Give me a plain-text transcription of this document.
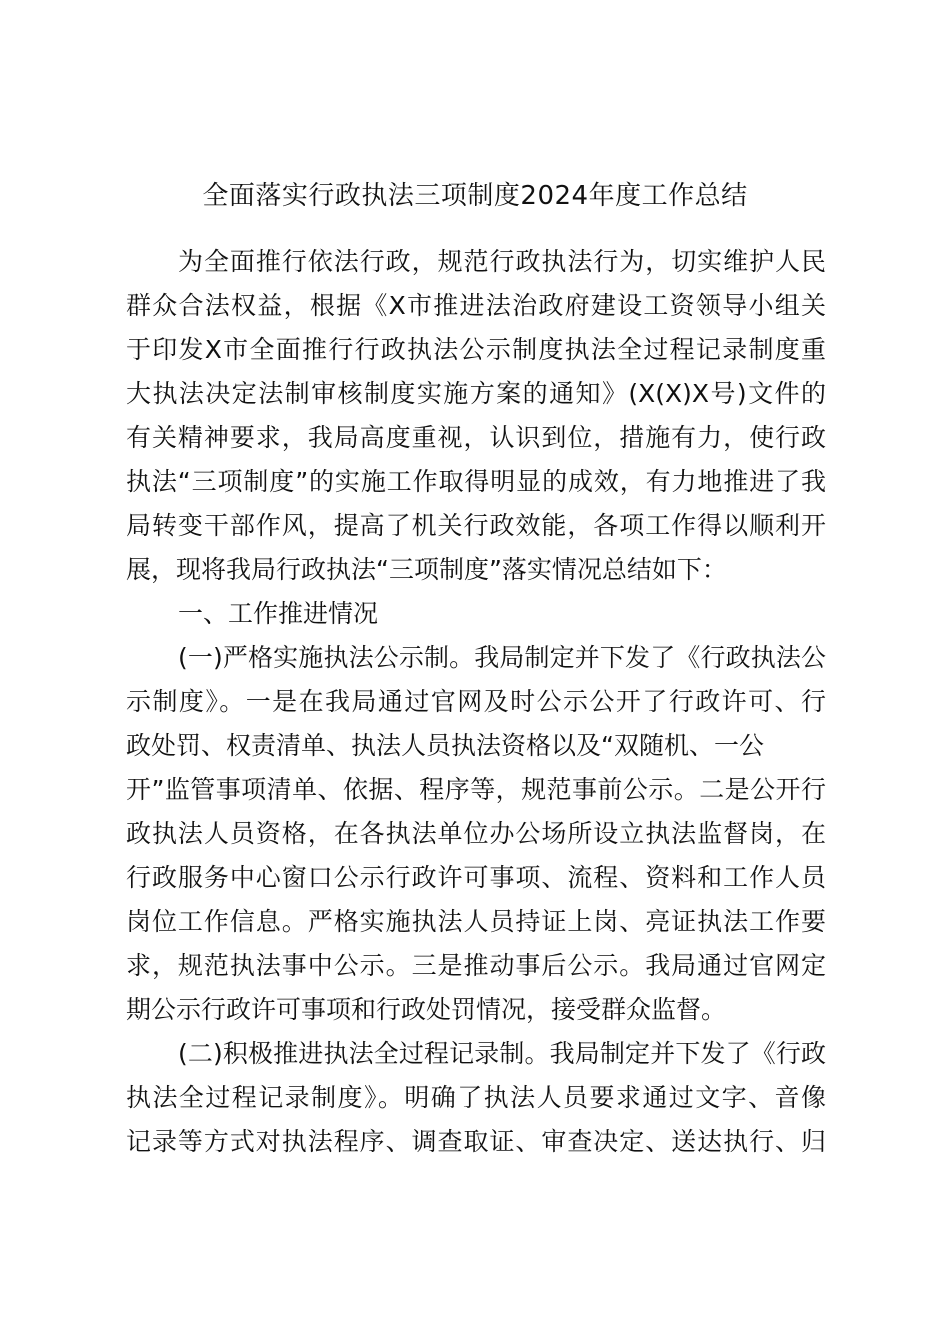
全面落实行政执法三项制度2024年度工作总结
为全面推行依法行政，规范行政执法行为，切实维护人民
群众合法权益，根据《X市推进法治政府建设工资领导小组关
于印发X市全面推行行政执法公示制度执法全过程记录制度重
大执法决定法制审核制度实施方案的通知》(X(X)X号)文件的
有关精神要求，我局高度重视，认识到位，措施有力，使行政
执法“三项制度”的实施工作取得明显的成效，有力地推进了我
局转变干部作风，提高了机关行政效能，各项工作得以顺利开
展，现将我局行政执法“三项制度”落实情况总结如下：
一、工作推进情况
(一)严格实施执法公示制。我局制定并下发了《行政执法公
示制度》。一是在我局通过官网及时公示公开了行政许可、行
政处罚、权责清单、执法人员执法资格以及“双随机、一公
开”监管事项清单、依据、程序等，规范事前公示。二是公开行
政执法人员资格，在各执法单位办公场所设立执法监督岗，在
行政服务中心窗口公示行政许可事项、流程、资料和工作人员
岗位工作信息。严格实施执法人员持证上岗、亮证执法工作要
求，规范执法事中公示。三是推动事后公示。我局通过官网定
期公示行政许可事项和行政处罚情况，接受群众监督。
(二)积极推进执法全过程记录制。我局制定并下发了《行政
执法全过程记录制度》。明确了执法人员要求通过文字、音像
记录等方式对执法程序、调查取证、审查决定、送达执行、归
